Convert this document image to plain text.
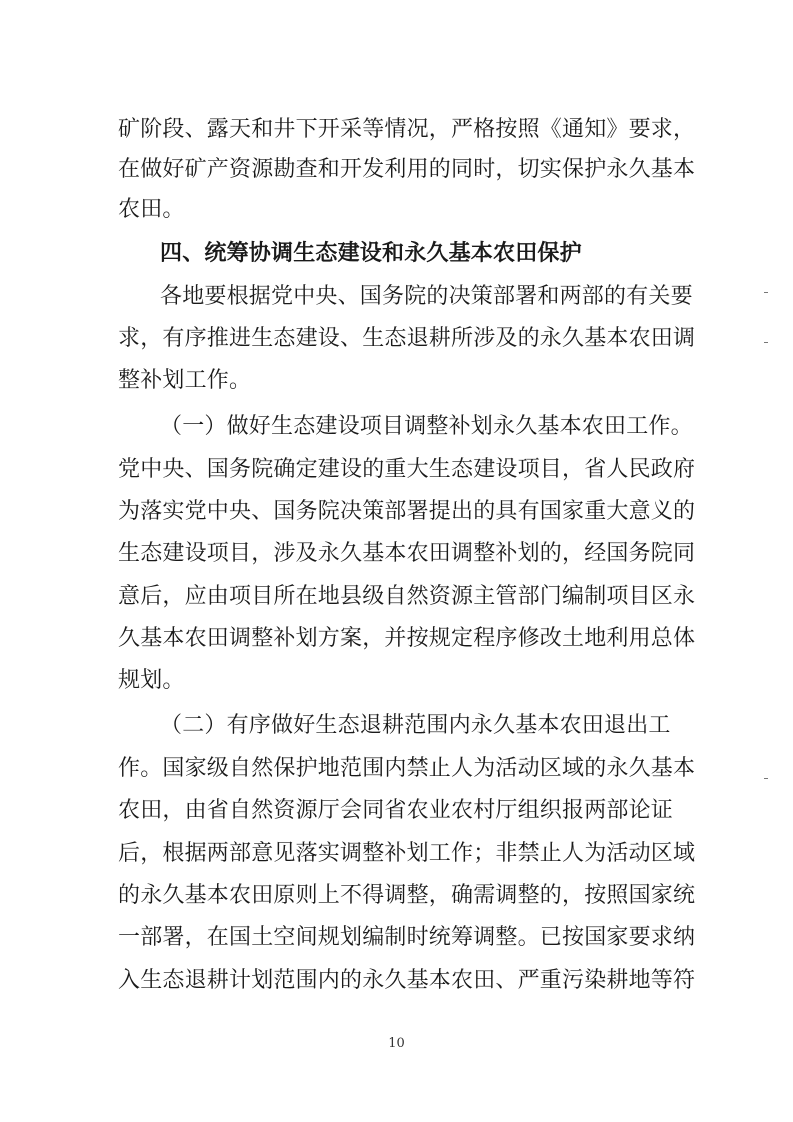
矿阶段、露天和井下开采等情况，严格按照《通知》要求，
在做好矿产资源勘查和开发利用的同时，切实保护永久基本
农田。
四、统筹协调生态建设和永久基本农田保护
各地要根据党中央、国务院的决策部署和两部的有关要
求，有序推进生态建设、生态退耕所涉及的永久基本农田调
整补划工作。
（一）做好生态建设项目调整补划永久基本农田工作。
党中央、国务院确定建设的重大生态建设项目，省人民政府
为落实党中央、国务院决策部署提出的具有国家重大意义的
生态建设项目，涉及永久基本农田调整补划的，经国务院同
意后，应由项目所在地县级自然资源主管部门编制项目区永
久基本农田调整补划方案，并按规定程序修改土地利用总体
规划。
（二）有序做好生态退耕范围内永久基本农田退出工
作。国家级自然保护地范围内禁止人为活动区域的永久基本
农田，由省自然资源厅会同省农业农村厅组织报两部论证
后，根据两部意见落实调整补划工作；非禁止人为活动区域
的永久基本农田原则上不得调整，确需调整的，按照国家统
一部署，在国土空间规划编制时统筹调整。已按国家要求纳
入生态退耕计划范围内的永久基本农田、严重污染耕地等符
10
